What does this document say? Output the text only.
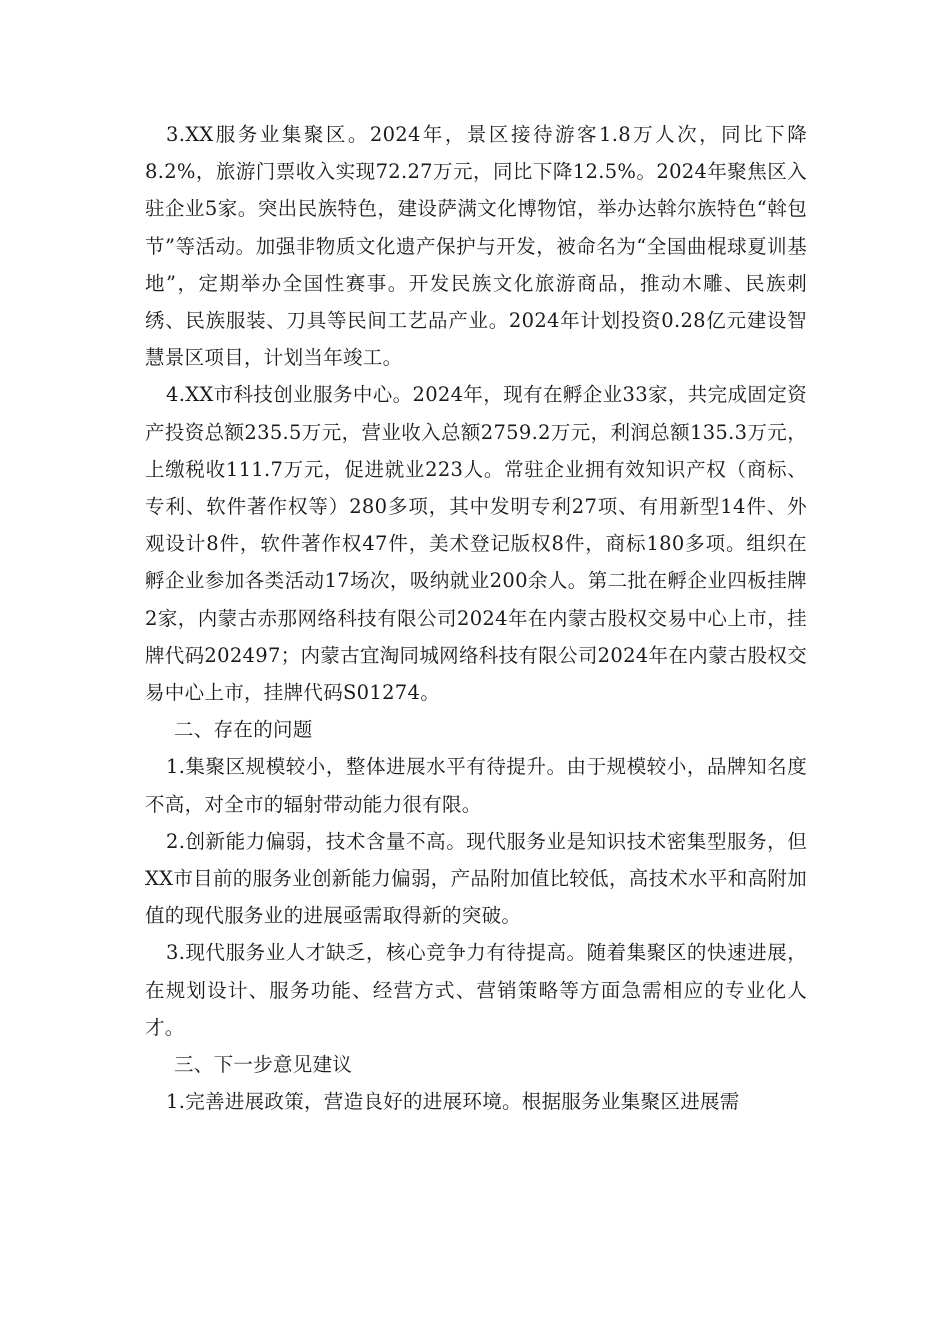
3.XX服务业集聚区。2024年，景区接待游客1.8万人次，同比下降8.2%，旅游门票收入实现72.27万元，同比下降12.5%。2024年聚焦区入驻企业5家。突出民族特色，建设萨满文化博物馆，举办达斡尔族特色“斡包节”等活动。加强非物质文化遗产保护与开发，被命名为“全国曲棍球夏训基地”，定期举办全国性赛事。开发民族文化旅游商品，推动木雕、民族刺绣、民族服装、刀具等民间工艺品产业。2024年计划投资0.28亿元建设智慧景区项目，计划当年竣工。

4.XX市科技创业服务中心。2024年，现有在孵企业33家，共完成固定资产投资总额235.5万元，营业收入总额2759.2万元，利润总额135.3万元，上缴税收111.7万元，促进就业223人。常驻企业拥有效知识产权（商标、专利、软件著作权等）280多项，其中发明专利27项、有用新型14件、外观设计8件，软件著作权47件，美术登记版权8件，商标180多项。组织在孵企业参加各类活动17场次，吸纳就业200余人。第二批在孵企业四板挂牌2家，内蒙古赤那网络科技有限公司2024年在内蒙古股权交易中心上市，挂牌代码202497；内蒙古宜淘同城网络科技有限公司2024年在内蒙古股权交易中心上市，挂牌代码S01274。

二、存在的问题

1.集聚区规模较小，整体进展水平有待提升。由于规模较小，品牌知名度不高，对全市的辐射带动能力很有限。

2.创新能力偏弱，技术含量不高。现代服务业是知识技术密集型服务，但XX市目前的服务业创新能力偏弱，产品附加值比较低，高技术水平和高附加值的现代服务业的进展亟需取得新的突破。

3.现代服务业人才缺乏，核心竞争力有待提高。随着集聚区的快速进展，在规划设计、服务功能、经营方式、营销策略等方面急需相应的专业化人才。

三、下一步意见建议

1.完善进展政策，营造良好的进展环境。根据服务业集聚区进展需
